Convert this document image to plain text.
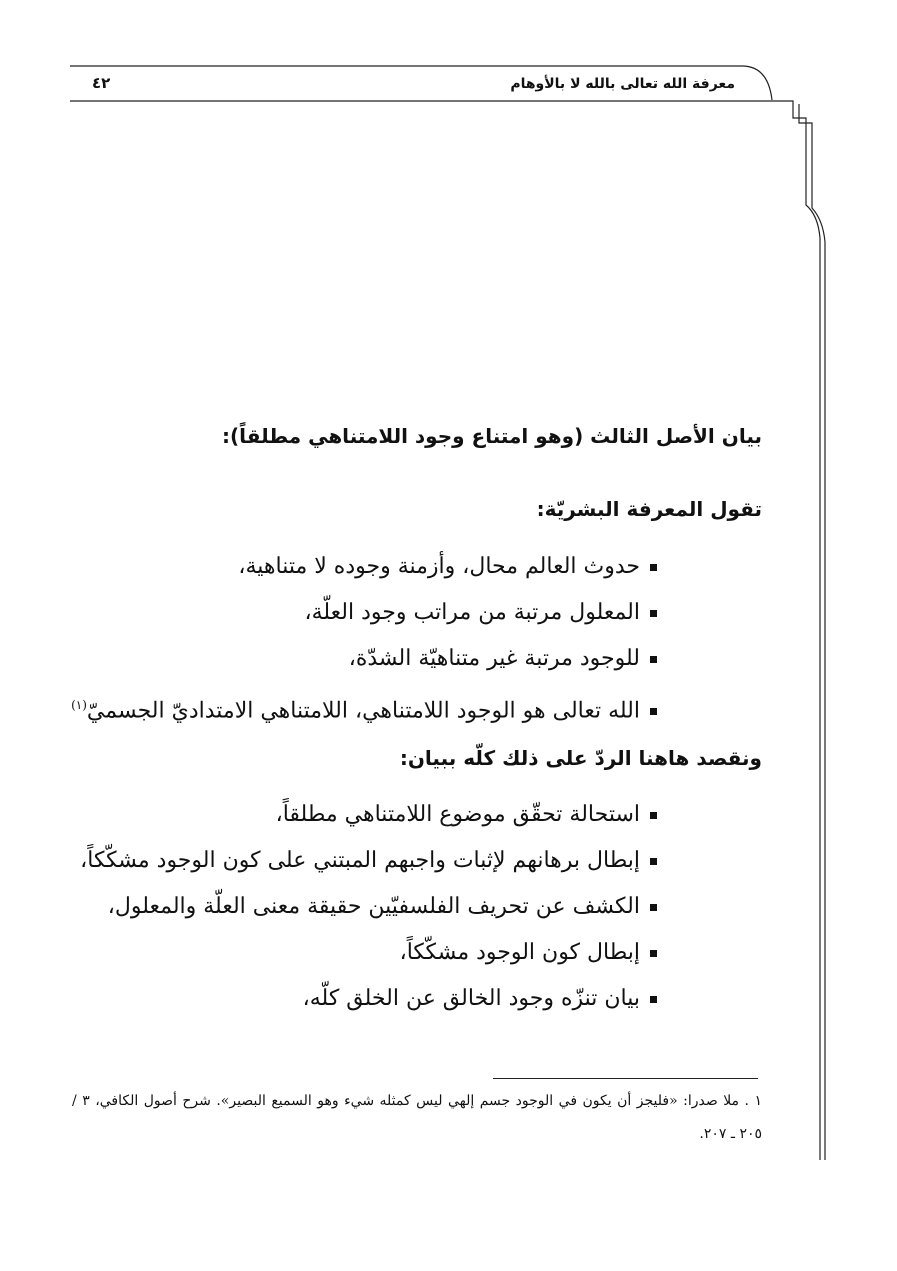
معرفة الله تعالى بالله لا بالأوهام
٤٢
بيان الأصل الثالث (وهو امتناع وجود اللامتناهي مطلقاً):
تقول المعرفة البشريّة:
حدوث العالم محال، وأزمنة وجوده لا متناهية،
المعلول مرتبة من مراتب وجود العلّة،
للوجود مرتبة غير متناهيّة الشدّة،
الله تعالى هو الوجود اللامتناهي، اللامتناهي الامتداديّ الجسميّ$^{(١)}$
ونقصد هاهنا الردّ على ذلك كلّه ببيان:
استحالة تحقّق موضوع اللامتناهي مطلقاً،
إبطال برهانهم لإثبات واجبهم المبتني على كون الوجود مشكّكاً،
الكشف عن تحريف الفلسفيّين حقيقة معنى العلّة والمعلول،
إبطال كون الوجود مشكّكاً،
بيان تنزّه وجود الخالق عن الخلق كلّه،
١ . ملا صدرا: «فليجز أن يكون في الوجود جسم إلهي ليس كمثله شيء وهو السميع البصير». شرح أصول الكافي، ٣ / ٢٠٥ ـ ٢٠٧.
